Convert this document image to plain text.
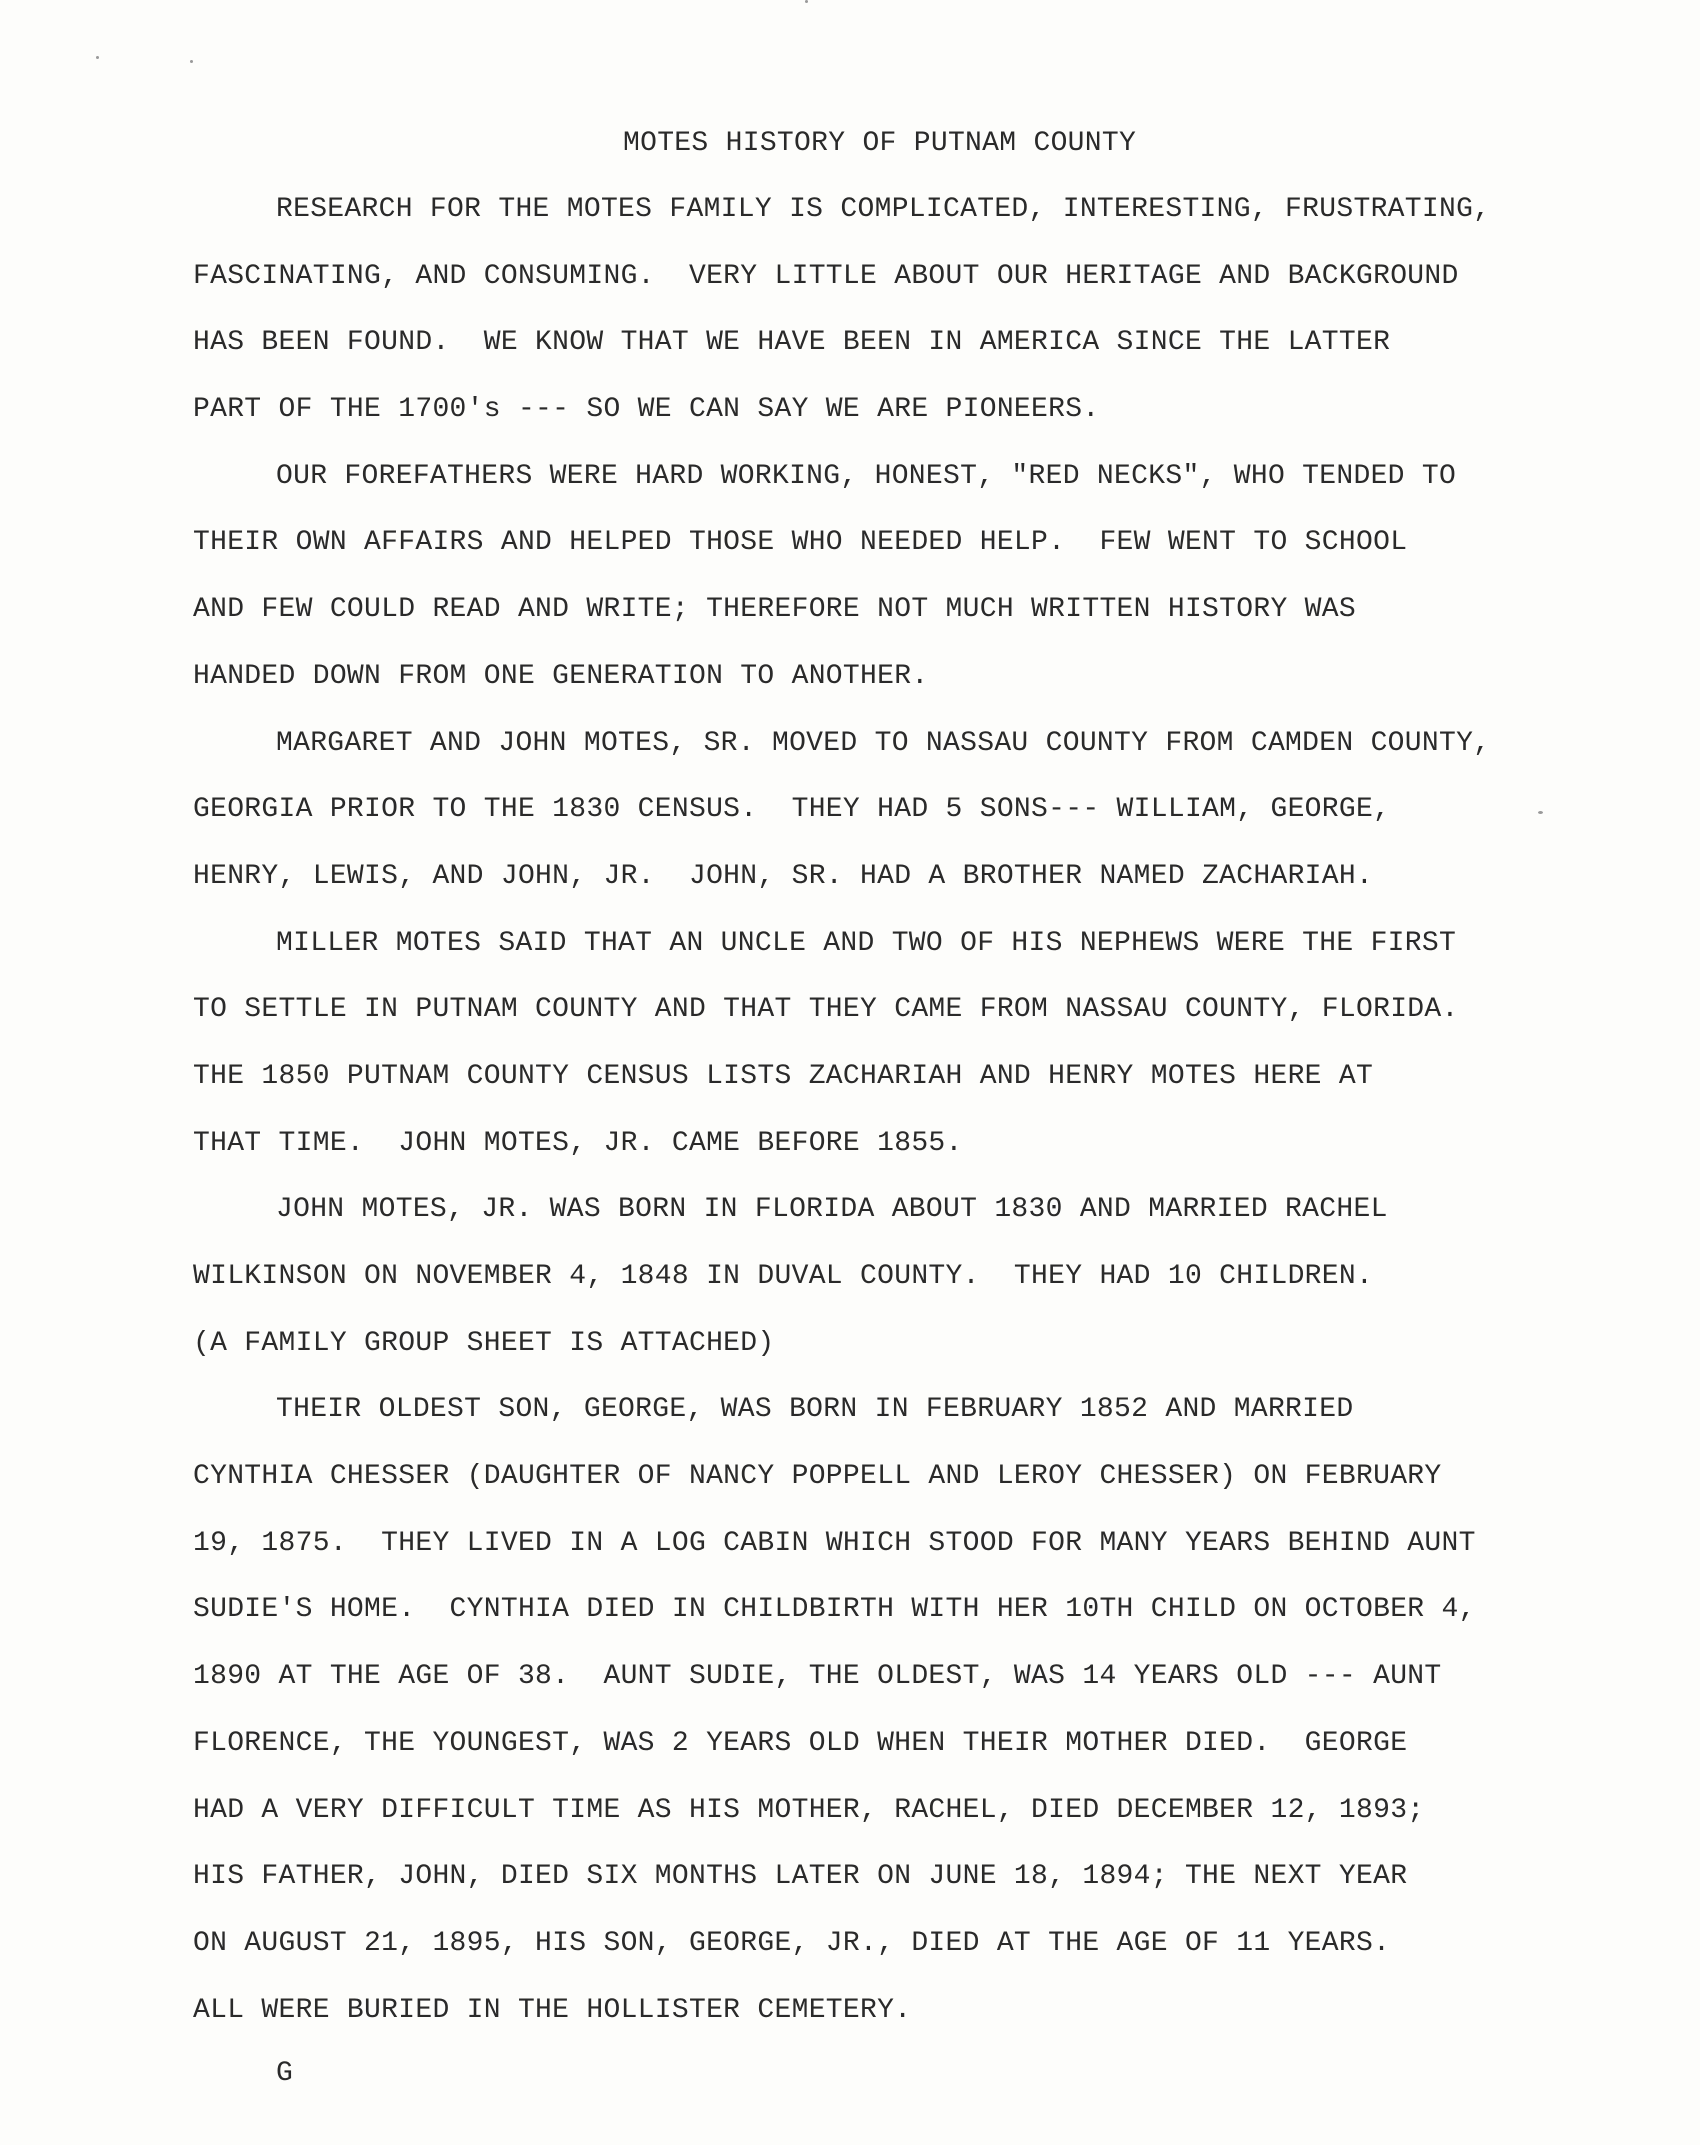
MOTES HISTORY OF PUTNAM COUNTY
RESEARCH FOR THE MOTES FAMILY IS COMPLICATED, INTERESTING, FRUSTRATING,
FASCINATING, AND CONSUMING.  VERY LITTLE ABOUT OUR HERITAGE AND BACKGROUND
HAS BEEN FOUND.  WE KNOW THAT WE HAVE BEEN IN AMERICA SINCE THE LATTER
PART OF THE 1700's --- SO WE CAN SAY WE ARE PIONEERS.
OUR FOREFATHERS WERE HARD WORKING, HONEST, "RED NECKS", WHO TENDED TO
THEIR OWN AFFAIRS AND HELPED THOSE WHO NEEDED HELP.  FEW WENT TO SCHOOL
AND FEW COULD READ AND WRITE; THEREFORE NOT MUCH WRITTEN HISTORY WAS
HANDED DOWN FROM ONE GENERATION TO ANOTHER.
MARGARET AND JOHN MOTES, SR. MOVED TO NASSAU COUNTY FROM CAMDEN COUNTY,
GEORGIA PRIOR TO THE 1830 CENSUS.  THEY HAD 5 SONS--- WILLIAM, GEORGE,
HENRY, LEWIS, AND JOHN, JR.  JOHN, SR. HAD A BROTHER NAMED ZACHARIAH.
MILLER MOTES SAID THAT AN UNCLE AND TWO OF HIS NEPHEWS WERE THE FIRST
TO SETTLE IN PUTNAM COUNTY AND THAT THEY CAME FROM NASSAU COUNTY, FLORIDA.
THE 1850 PUTNAM COUNTY CENSUS LISTS ZACHARIAH AND HENRY MOTES HERE AT
THAT TIME.  JOHN MOTES, JR. CAME BEFORE 1855.
JOHN MOTES, JR. WAS BORN IN FLORIDA ABOUT 1830 AND MARRIED RACHEL
WILKINSON ON NOVEMBER 4, 1848 IN DUVAL COUNTY.  THEY HAD 10 CHILDREN.
(A FAMILY GROUP SHEET IS ATTACHED)
THEIR OLDEST SON, GEORGE, WAS BORN IN FEBRUARY 1852 AND MARRIED
CYNTHIA CHESSER (DAUGHTER OF NANCY POPPELL AND LEROY CHESSER) ON FEBRUARY
19, 1875.  THEY LIVED IN A LOG CABIN WHICH STOOD FOR MANY YEARS BEHIND AUNT
SUDIE'S HOME.  CYNTHIA DIED IN CHILDBIRTH WITH HER 10TH CHILD ON OCTOBER 4,
1890 AT THE AGE OF 38.  AUNT SUDIE, THE OLDEST, WAS 14 YEARS OLD --- AUNT
FLORENCE, THE YOUNGEST, WAS 2 YEARS OLD WHEN THEIR MOTHER DIED.  GEORGE
HAD A VERY DIFFICULT TIME AS HIS MOTHER, RACHEL, DIED DECEMBER 12, 1893;
HIS FATHER, JOHN, DIED SIX MONTHS LATER ON JUNE 18, 1894; THE NEXT YEAR
ON AUGUST 21, 1895, HIS SON, GEORGE, JR., DIED AT THE AGE OF 11 YEARS.
ALL WERE BURIED IN THE HOLLISTER CEMETERY.
G
